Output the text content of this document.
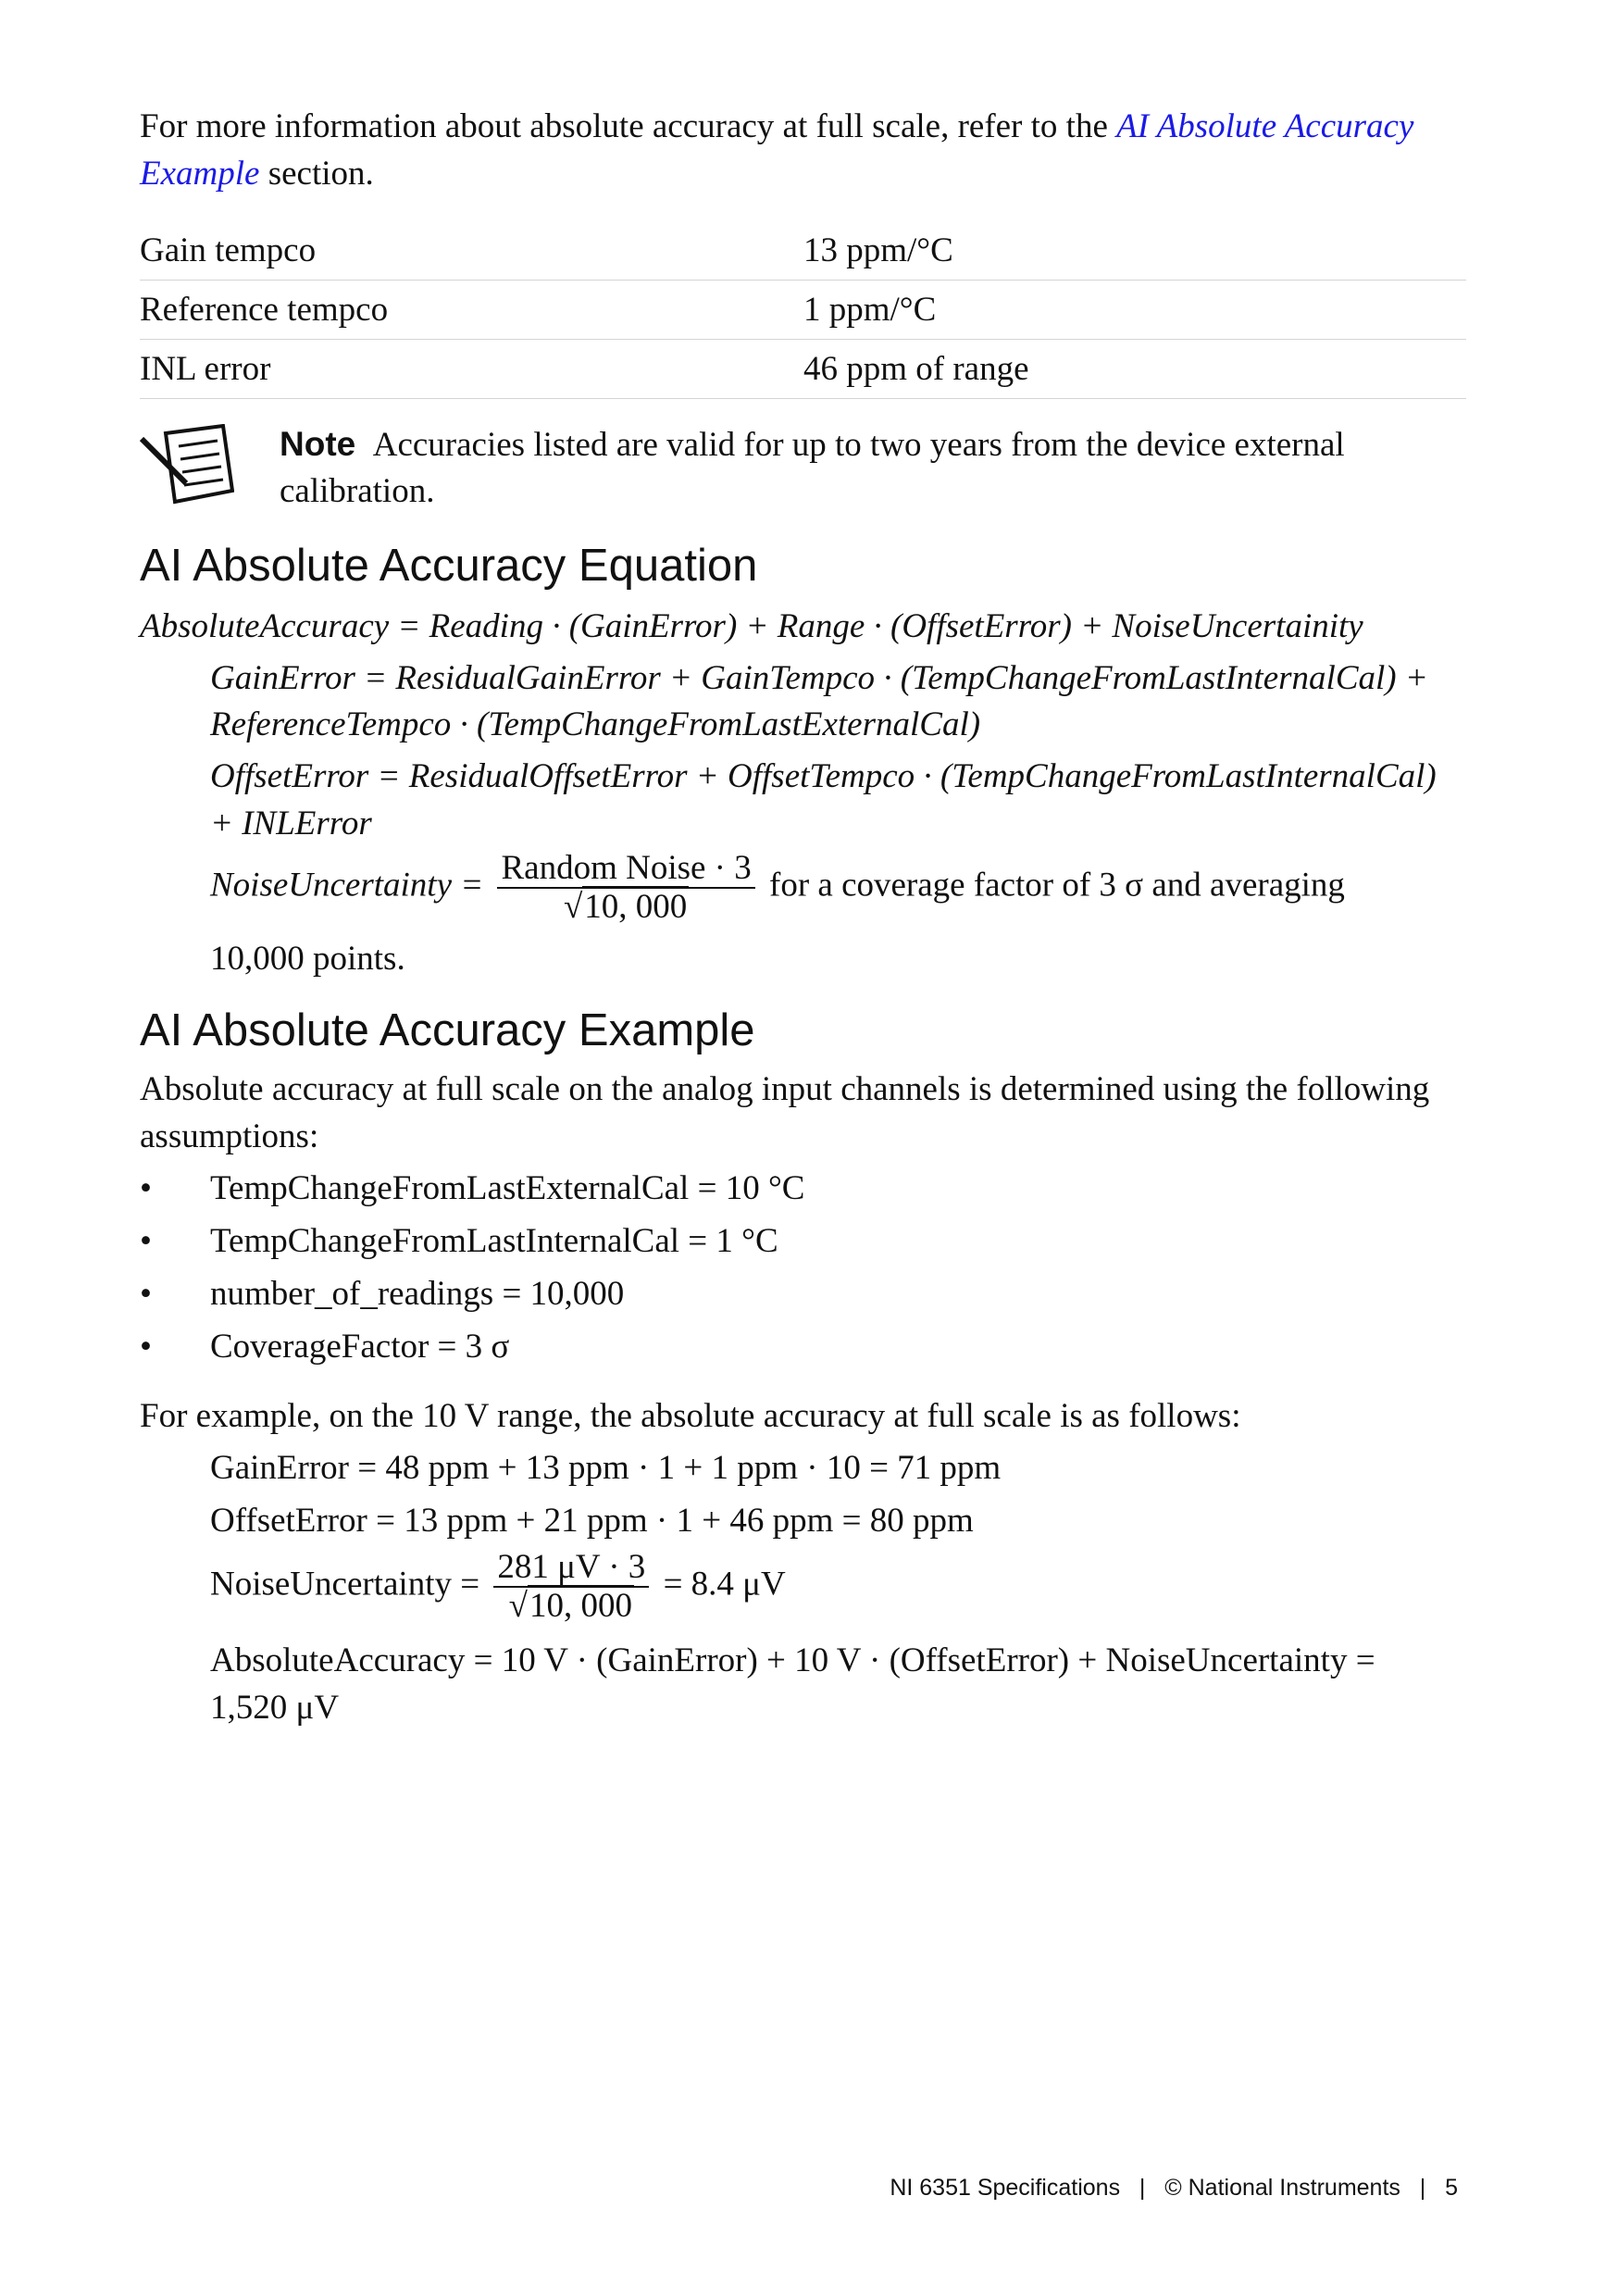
For more information about absolute accuracy at full scale, refer to the AI Absolute Accuracy
Example section.
Gain tempco	13 ppm/°C
Reference tempco	1 ppm/°C
INL error	46 ppm of range
Note Accuracies listed are valid for up to two years from the device external
calibration.
AI Absolute Accuracy Equation
AbsoluteAccuracy = Reading · (GainError) + Range · (OffsetError) + NoiseUncertainity
GainError = ResidualGainError + GainTempco · (TempChangeFromLastInternalCal) +
ReferenceTempco · (TempChangeFromLastExternalCal)
OffsetError = ResidualOffsetError + OffsetTempco · (TempChangeFromLastInternalCal)
+ INLError
NoiseUncertainty = $\frac{\text{Random Noise · 3}}{√10, 000}$ for a coverage factor of 3 σ and averaging
10,000 points.
AI Absolute Accuracy Example
Absolute accuracy at full scale on the analog input channels is determined using the following
assumptions:
• TempChangeFromLastExternalCal = 10 °C
• TempChangeFromLastInternalCal = 1 °C
• number_of_readings = 10,000
• CoverageFactor = 3 σ
For example, on the 10 V range, the absolute accuracy at full scale is as follows:
GainError = 48 ppm + 13 ppm · 1 + 1 ppm · 10 = 71 ppm
OffsetError = 13 ppm + 21 ppm · 1 + 46 ppm = 80 ppm
NoiseUncertainty = $\frac{281 \mu V \cdot 3}{√10, 000} = 8.4$ μV
AbsoluteAccuracy = 10 V · (GainError) + 10 V · (OffsetError) + NoiseUncertainty =
1,520 μV
NI 6351 Specifications | © National Instruments | 5
